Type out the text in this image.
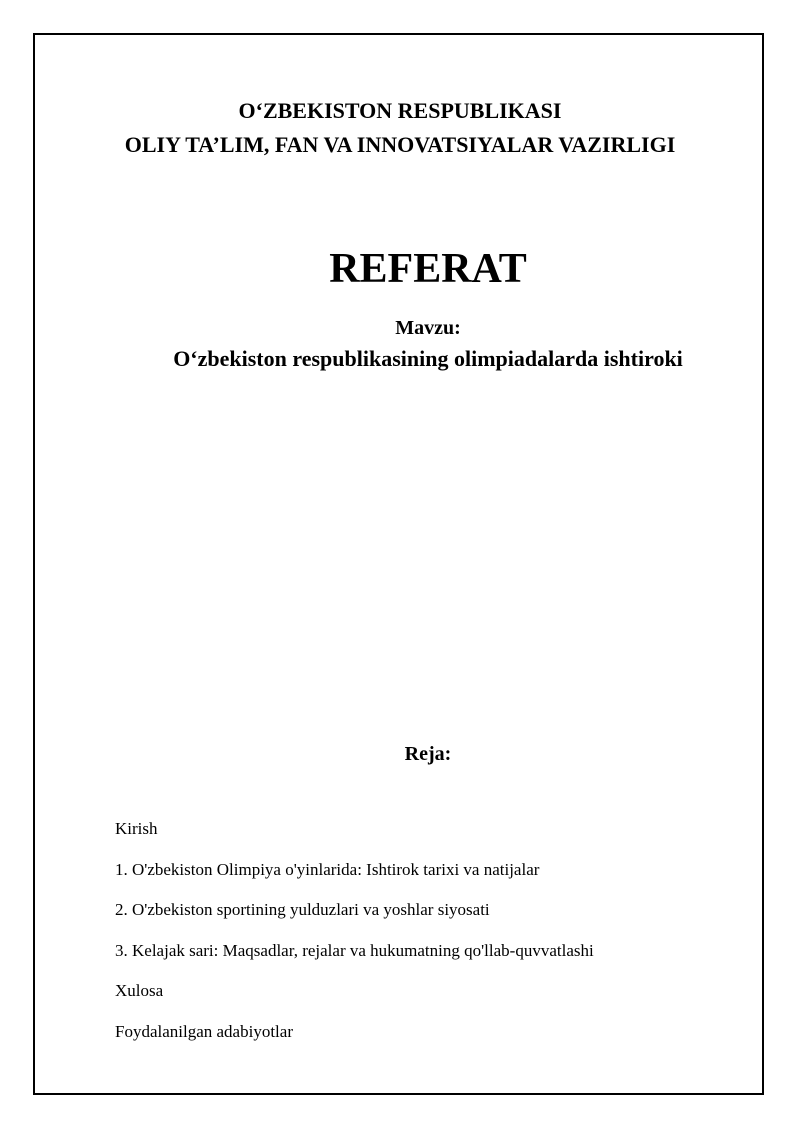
O‘ZBEKISTON RESPUBLIKASI
OLIY TA’LIM, FAN VA INNOVATSIYALAR VAZIRLIGI
REFERAT
Mavzu:
O‘zbekiston respublikasining olimpiadalarda ishtiroki
Reja:
Kirish
1. O'zbekiston Olimpiya o'yinlarida: Ishtirok tarixi va natijalar
2. O'zbekiston sportining yulduzlari va yoshlar siyosati
3. Kelajak sari: Maqsadlar, rejalar va hukumatning qo'llab-quvvatlashi
Xulosa
Foydalanilgan adabiyotlar
